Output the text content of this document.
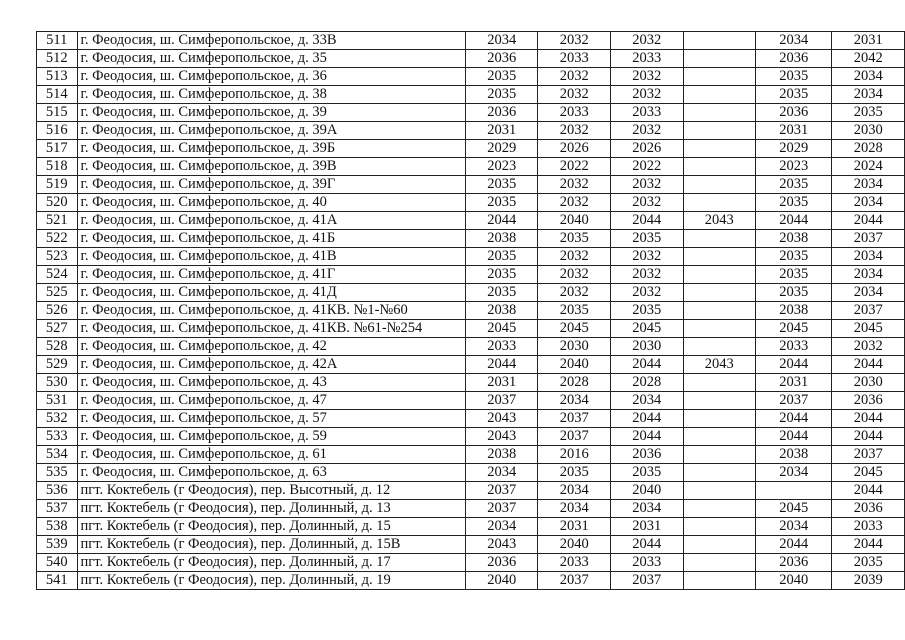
511	г. Феодосия, ш. Симферопольское, д. 33В	2034	2032	2032		2034	2031
512	г. Феодосия, ш. Симферопольское, д. 35	2036	2033	2033		2036	2042
513	г. Феодосия, ш. Симферопольское, д. 36	2035	2032	2032		2035	2034
514	г. Феодосия, ш. Симферопольское, д. 38	2035	2032	2032		2035	2034
515	г. Феодосия, ш. Симферопольское, д. 39	2036	2033	2033		2036	2035
516	г. Феодосия, ш. Симферопольское, д. 39А	2031	2032	2032		2031	2030
517	г. Феодосия, ш. Симферопольское, д. 39Б	2029	2026	2026		2029	2028
518	г. Феодосия, ш. Симферопольское, д. 39В	2023	2022	2022		2023	2024
519	г. Феодосия, ш. Симферопольское, д. 39Г	2035	2032	2032		2035	2034
520	г. Феодосия, ш. Симферопольское, д. 40	2035	2032	2032		2035	2034
521	г. Феодосия, ш. Симферопольское, д. 41А	2044	2040	2044	2043	2044	2044
522	г. Феодосия, ш. Симферопольское, д. 41Б	2038	2035	2035		2038	2037
523	г. Феодосия, ш. Симферопольское, д. 41В	2035	2032	2032		2035	2034
524	г. Феодосия, ш. Симферопольское, д. 41Г	2035	2032	2032		2035	2034
525	г. Феодосия, ш. Симферопольское, д. 41Д	2035	2032	2032		2035	2034
526	г. Феодосия, ш. Симферопольское, д. 41КВ. №1-№60	2038	2035	2035		2038	2037
527	г. Феодосия, ш. Симферопольское, д. 41КВ. №61-№254	2045	2045	2045		2045	2045
528	г. Феодосия, ш. Симферопольское, д. 42	2033	2030	2030		2033	2032
529	г. Феодосия, ш. Симферопольское, д. 42А	2044	2040	2044	2043	2044	2044
530	г. Феодосия, ш. Симферопольское, д. 43	2031	2028	2028		2031	2030
531	г. Феодосия, ш. Симферопольское, д. 47	2037	2034	2034		2037	2036
532	г. Феодосия, ш. Симферопольское, д. 57	2043	2037	2044		2044	2044
533	г. Феодосия, ш. Симферопольское, д. 59	2043	2037	2044		2044	2044
534	г. Феодосия, ш. Симферопольское, д. 61	2038	2016	2036		2038	2037
535	г. Феодосия, ш. Симферопольское, д. 63	2034	2035	2035		2034	2045
536	пгт. Коктебель (г Феодосия), пер. Высотный, д. 12	2037	2034	2040			2044
537	пгт. Коктебель (г Феодосия), пер. Долинный, д. 13	2037	2034	2034		2045	2036
538	пгт. Коктебель (г Феодосия), пер. Долинный, д. 15	2034	2031	2031		2034	2033
539	пгт. Коктебель (г Феодосия), пер. Долинный, д. 15В	2043	2040	2044		2044	2044
540	пгт. Коктебель (г Феодосия), пер. Долинный, д. 17	2036	2033	2033		2036	2035
541	пгт. Коктебель (г Феодосия), пер. Долинный, д. 19	2040	2037	2037		2040	2039
